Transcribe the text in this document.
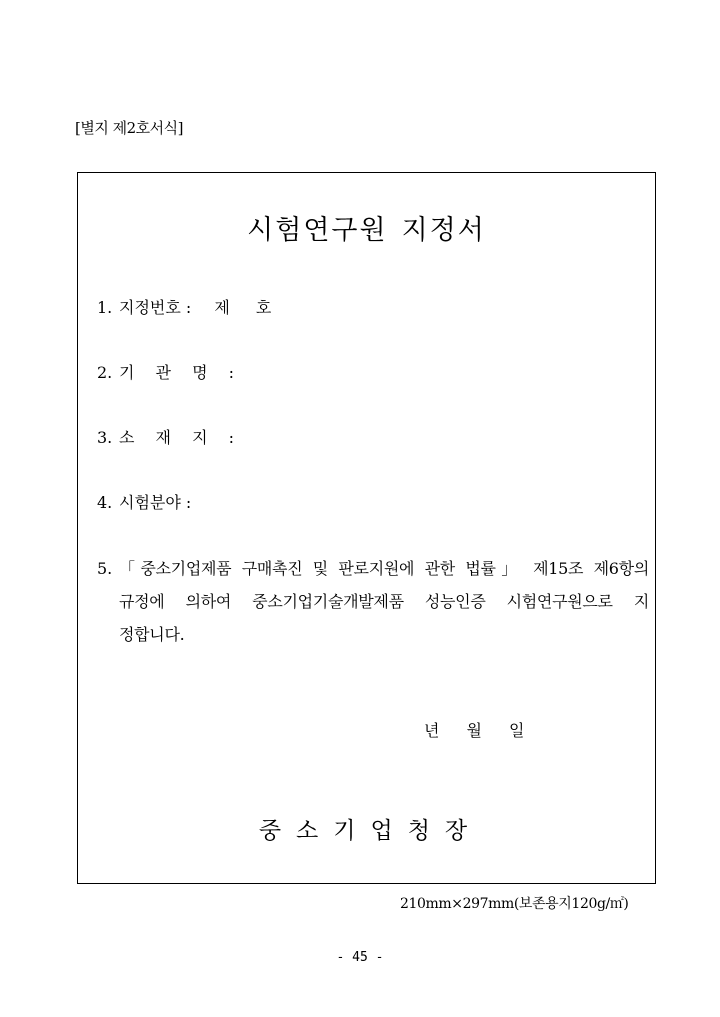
[별지 제2호서식]
시험연구원 지정서
1. 지정번호 : 제 호
2. 기 관 명 :
3. 소 재 지 :
4. 시험분야 :
5. 「중소기업제품 구매촉진 및 판로지원에 관한 법률」 제15조 제6항의
규정에 의하여 중소기업기술개발제품 성능인증 시험연구원으로 지
정합니다.
년 월 일
중소기업청장
210mm×297mm(보존용지120g/㎡)
- 45 -
